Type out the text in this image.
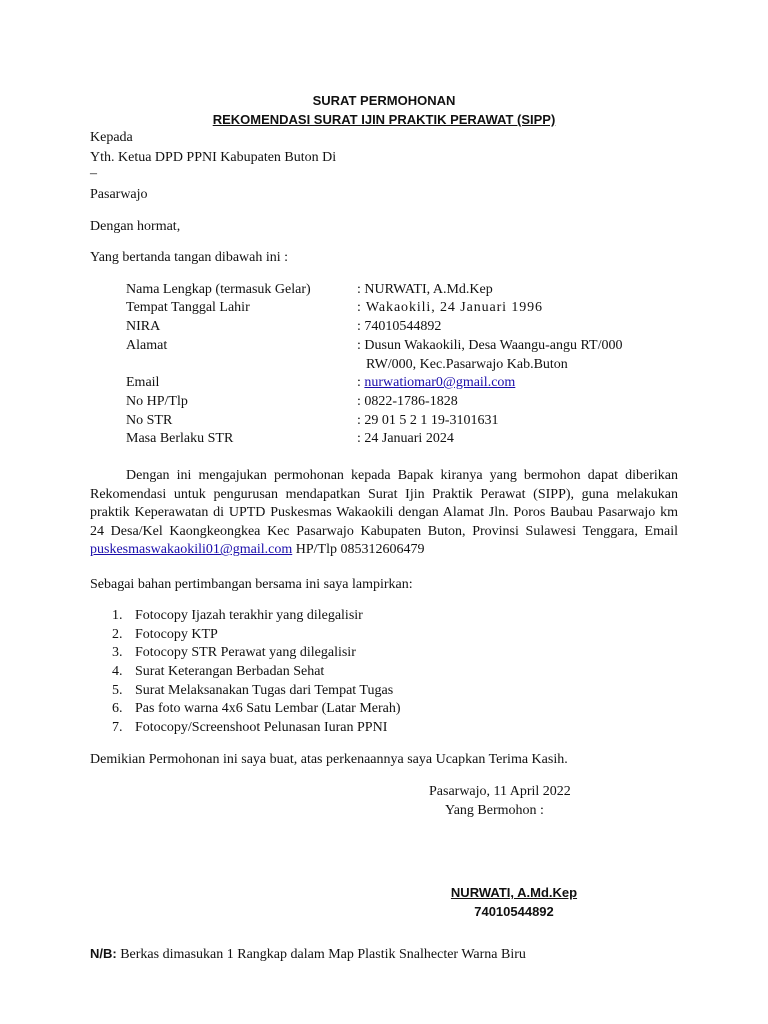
SURAT PERMOHONAN
REKOMENDASI SURAT IJIN PRAKTIK PERAWAT (SIPP)
Kepada
Yth. Ketua DPD PPNI Kabupaten Buton Di
–
Pasarwajo
Dengan hormat,
Yang bertanda tangan dibawah ini :
Nama Lengkap (termasuk Gelar)	: NURWATI, A.Md.Kep
Tempat Tanggal Lahir	: Wakaokili, 24 Januari 1996
NIRA	: 74010544892
Alamat	: Dusun Wakaokili, Desa Waangu-angu RT/000
RW/000, Kec.Pasarwajo Kab.Buton
Email	: nurwatiomar0@gmail.com
No HP/Tlp	: 0822-1786-1828
No STR	: 29 01 5 2 1 19-3101631
Masa Berlaku STR	: 24 Januari 2024
Dengan ini mengajukan permohonan kepada Bapak kiranya yang bermohon dapat diberikan Rekomendasi untuk pengurusan mendapatkan Surat Ijin Praktik Perawat (SIPP), guna melakukan praktik Keperawatan di UPTD Puskesmas Wakaokili dengan Alamat Jln. Poros Baubau Pasarwajo km 24 Desa/Kel Kaongkeongkea Kec Pasarwajo Kabupaten Buton, Provinsi Sulawesi Tenggara, Email puskesmaswakaokili01@gmail.com HP/Tlp 085312606479
Sebagai bahan pertimbangan bersama ini saya lampirkan:
1. Fotocopy Ijazah terakhir yang dilegalisir
2. Fotocopy KTP
3. Fotocopy STR Perawat yang dilegalisir
4. Surat Keterangan Berbadan Sehat
5. Surat Melaksanakan Tugas dari Tempat Tugas
6. Pas foto warna 4x6 Satu Lembar (Latar Merah)
7. Fotocopy/Screenshoot Pelunasan Iuran PPNI
Demikian Permohonan ini saya buat, atas perkenaannya saya Ucapkan Terima Kasih.
Pasarwajo, 11 April 2022
Yang Bermohon :
NURWATI, A.Md.Kep
74010544892
N/B: Berkas dimasukan 1 Rangkap dalam Map Plastik Snalhecter Warna Biru
